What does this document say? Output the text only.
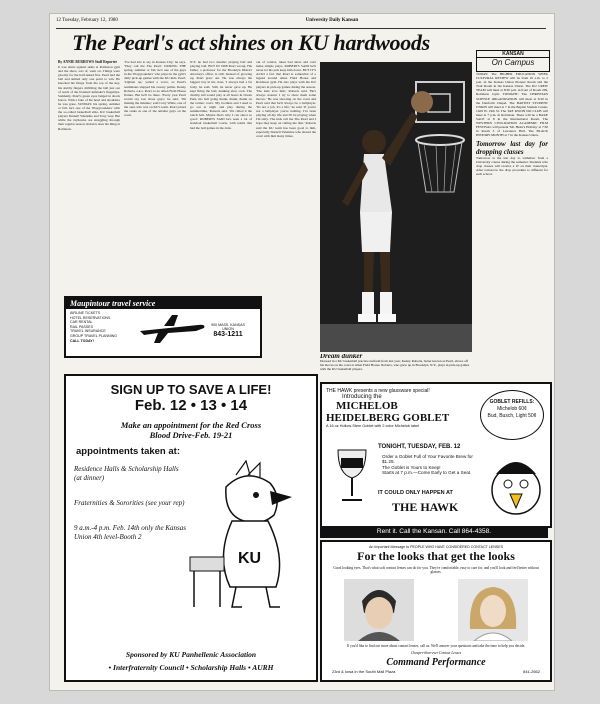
12 Tuesday, February 12, 1980	University Daily Kansan
The Pearl's act shines on KU hardwoods

By ANNIE BURROWS Staff Reporter

It was skirts against skins at Robinson gym and the show, sort of, went on. Things were gloomy for the half-naked five. Pearl had the ball and smiled only one point to win. He knocked his fringe from the top of the key, his stubby fingers dribbling the ball just out of reach of the frenzied defender's fingertips. Suddenly, Pearl's green eyes bulged in shock horror. With a fake of his head and shoulders he was gone. SUNDAY, his spring, summer or fall, he's one of the 'Playgrounders' with the so-called basketball elite, KU basketball players Darnell Valentine and Tony Guy. But while the Jayhawks are struggling through their regular season, Roberts does his thing at Robinson.

'I've had lots to say in Kansas City,' he says. 'They call me The Pearl.' DURING THE spring, summer or fall, he's one of the guys in the 'Playgrounders' who plays in the gym's daily pick-up games with the KU kids. Pearl: 'Lighten up,' yelled a voice, as Pearl's teammates slapped his sweaty palms. Kenny Roberts, a.k.a. Pearl, is no Allen Field House fixture. But he'll be there. 'Every year Pearl would say Get those guys,' he said. 'I'm making the mistake,' said Coby White, one of the ones who was on KU's team. Pearl joined the ranks as one of the smaller guys on the court.

N.Y. he had two dreams: playing ball and playing ball. BUT IN 1968 Pearl wrong. His father, a professor for the Brooklyn District Attorney's office, is still. Instead of growing up, Pearl grew out. He was always the biggest boy in his class. 'I always had a fat body, he said. Still, he never gave up. He kept firing the ball, dunking shot, rock. The chubby kid would play at all hours in Ocean Park, his ball going thunk, thunk, thunk on the tarmac court. 'My brothers and I used to go out at night and play during the summertime,' Roberts said. 'We called it the ranch ball. Maybe that's why I can shoot so good.' ROBERTS SAID he's seen a lot of standout basketball courts, with teams that had the ball games in the dark.

out of control, takes bad shots and can't make simple plays. ROBERTS SAID he'll never let his pals keep him down. BUT IT'S ALSO a fact that Pearl is somewhat of a legend around Allen Field House and Robinson gym. He also plays with the KU players in pick-up games during the season. 'The kids love him,' Roberts said. 'He's always around. I try to show them some moves.' He was shooting on the court and Pearl said that he'll always be a ballplayer. 'It's not a job, it's a life,' he said. 'If you're not a ballplayer you're nothing. I've been playing all my life and I'll be playing when I'm sixty. The kids call me The Pearl and I hope they keep on calling me that.' Roberts said the KU team has been good to him, especially Darnell Valentine who shared the court with him many times.

Maupintour travel service
AIRLINE TICKETS
HOTEL RESERVATIONS
CAR RENTAL
RAIL PASSES
TRAVEL INSURANCE
GROUP TRAVEL PLANNING
CALL TODAY!
900 MASS. KANSAS UNION
843-1211
Dream dunker
Dressed in a KU basketball practice uniform from last year, Kenny Roberts, better known as Pearl, shows off his moves on the court at Allen Field House. Roberts, who grew up in Brooklyn, N.Y., plays in pick-up games with the KU basketball players.
KANSAN
On Campus
TODAY: The HIGHER EDUCATION WEEK CULTURAL REVIEW will be from 10 a.m. to 2 p.m. in the Kansas Union Pioneer Room and the Trail Room in the Kansas Union. The KU CREW TEAM will meet at 8:30 p.m. in front of Room 209, Robinson Gym. TONIGHT: The CHRISTIAN SCIENCE ORGANIZATION will meet at 6:30 in the Danforth Chapel. The BAPTIST STUDENT UNION will meet at 7 in the Baptist Student Center, 1629 W. 19th St. The TAE KWON DO CLUB will meet at 7 p.m. in Robinson. There will be a BAKE SALE at 8 in the International Room. The WESTERN CIVILIZATION ACADEMIC FILM FESTIVAL will present 'Mr. Hulot's Holiday' at 7:30 in Room 3 of Lawrence Hall. The BLACK HISTORY MONTH at 7 in the Kansas Union.
Tomorrow last day for dropping classes
Tomorrow is the last day to withdraw from a University course during the semester. Students who drop classes will receive a W on their transcripts. After tomorrow the drop procedure is different for each school.
SIGN UP TO SAVE A LIFE!
Feb. 12 • 13 • 14
Make an appointment for the Red Cross
Blood Drive-Feb. 19-21
appointments taken at:
Residence Halls & Scholarship Halls (at dinner)
Fraternities & Sororities (see your rep)
9 a.m.-4 p.m. Feb. 14th only the Kansas Union 4th level-Booth 2
KU
Sponsored by KU Panhellenic Association
• Interfraternity Council • Scholarship Halls • AURH
THE HAWK presents a new glassware special!
Introducing the
MICHELOB
HEIDELBERG GOBLET
A 16 oz Hollow-Stem Goblet with 2 color Michelob label
TONIGHT, TUESDAY, FEB. 12
Order a Goblet Full of Your Favorite Brew for $1.25.
The Goblet is Yours to Keep!
Starts at 7 p.m.—Come Early to Get a Seat.
IT COULD ONLY HAPPEN AT
THE HAWK
GOBLET REFILLS:
Michelob 60¢
Bud, Busch, Light 50¢
Rent it. Call the Kansan. Call 864-4358.
An Important Message to PEOPLE WHO HAVE CONSIDERED CONTACT LENSES
For the looks that get the looks
Good looking eyes. That's what soft contact lenses can do for you. They're comfortable, easy to care for, and you'll look and feel better without glasses.
If you'd like to find out more about contact lenses, call us. We'll answer your questions and take the time to help you decide.
Cheaper-than-ever Contact Lenses
Command Performance
23rd & Iowa in the South Mall Plaza	841-2662
